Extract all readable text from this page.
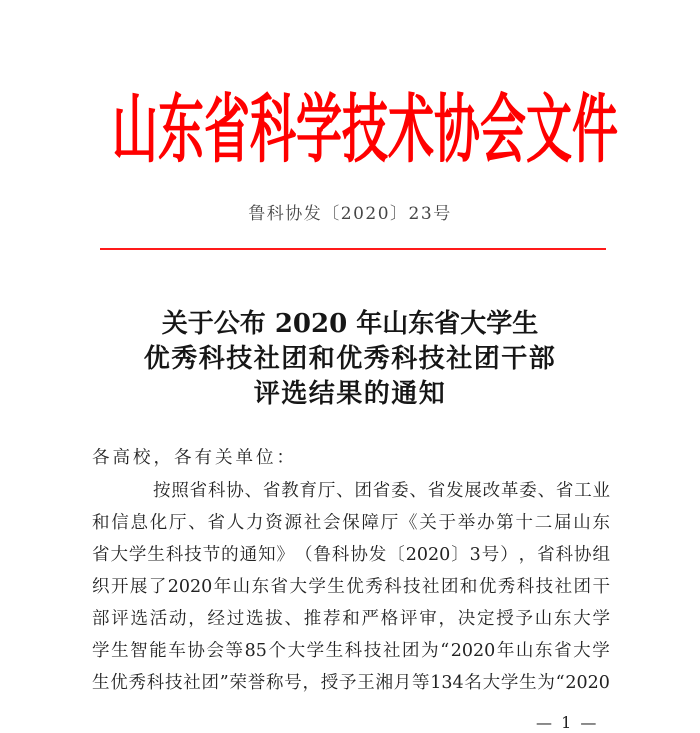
山 东 省 科 学 技 术 协 会 文 件
鲁科协发〔2020〕23号
关于公布 2020 年山东省大学生
优秀科技社团和优秀科技社团干部
评选结果的通知
各高校，各有关单位：
按 照 省 科 协 、 省 教 育 厅 、 团 省 委 、 省 发 展 改 革 委 、 省 工 业
和 信 息 化 厅 、 省 人 力 资 源 社 会 保 障 厅 《 关 于 举 办 第 十 二 届 山 东
省 大 学 生 科 技 节 的 通 知 》 （ 鲁 科 协 发 〔 2020 〕 3 号 ） ， 省 科 协 组
织 开 展 了 2020 年 山 东 省 大 学 生 优 秀 科 技 社 团 和 优 秀 科 技 社 团 干
部 评 选 活 动 ， 经 过 选 拔 、 推 荐 和 严 格 评 审 ， 决 定 授 予 山 东 大 学
学 生 智 能 车 协 会 等 85 个 大 学 生 科 技 社 团 为 “ 2020 年 山 东 省 大 学
生 优 秀 科 技 社 团 ” 荣 誉 称 号 ， 授 予 王 湘 月 等 134 名 大 学 生 为 “ 2020
— 1 —
